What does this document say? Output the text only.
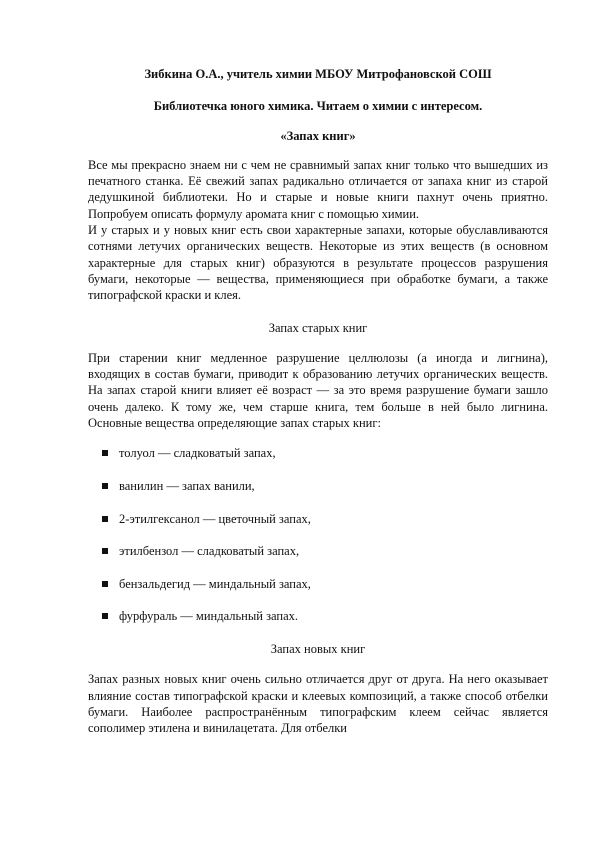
Зибкина О.А., учитель химии МБОУ Митрофановской СОШ
Библиотечка юного химика. Читаем о химии с интересом.
«Запах книг»

Все мы прекрасно знаем ни с чем не сравнимый запах книг только что вышедших из печатного станка. Её свежий запах радикально отличается от запаха книг из старой дедушкиной библиотеки. Но и старые и новые книги пахнут очень приятно. Попробуем описать формулу аромата книг с помощью химии.

И у старых и у новых книг есть свои характерные запахи, которые обуславливаются сотнями летучих органических веществ. Некоторые из этих веществ (в основном характерные для старых книг) образуются в результате процессов разрушения бумаги, некоторые — вещества, применяющиеся при обработке бумаги, а также типографской краски и клея.

Запах старых книг

При старении книг медленное разрушение целлюлозы (а иногда и лигнина), входящих в состав бумаги, приводит к образованию летучих органических веществ. На запах старой книги влияет её возраст — за это время разрушение бумаги зашло очень далеко. К тому же, чем старше книга, тем больше в ней было лигнина.

Основные вещества определяющие запах старых книг:

толуол — сладковатый запах,
ванилин — запах ванили,
2-этилгексанол — цветочный запах,
этилбензол — сладковатый запах,
бензальдегид — миндальный запах,
фурфураль — миндальный запах.
Запах новых книг

Запах разных новых книг очень сильно отличается друг от друга. На него оказывает влияние состав типографской краски и клеевых композиций, а также способ отбелки бумаги. Наиболее распространённым типографским клеем сейчас является сополимер этилена и винилацетата. Для отбелки
